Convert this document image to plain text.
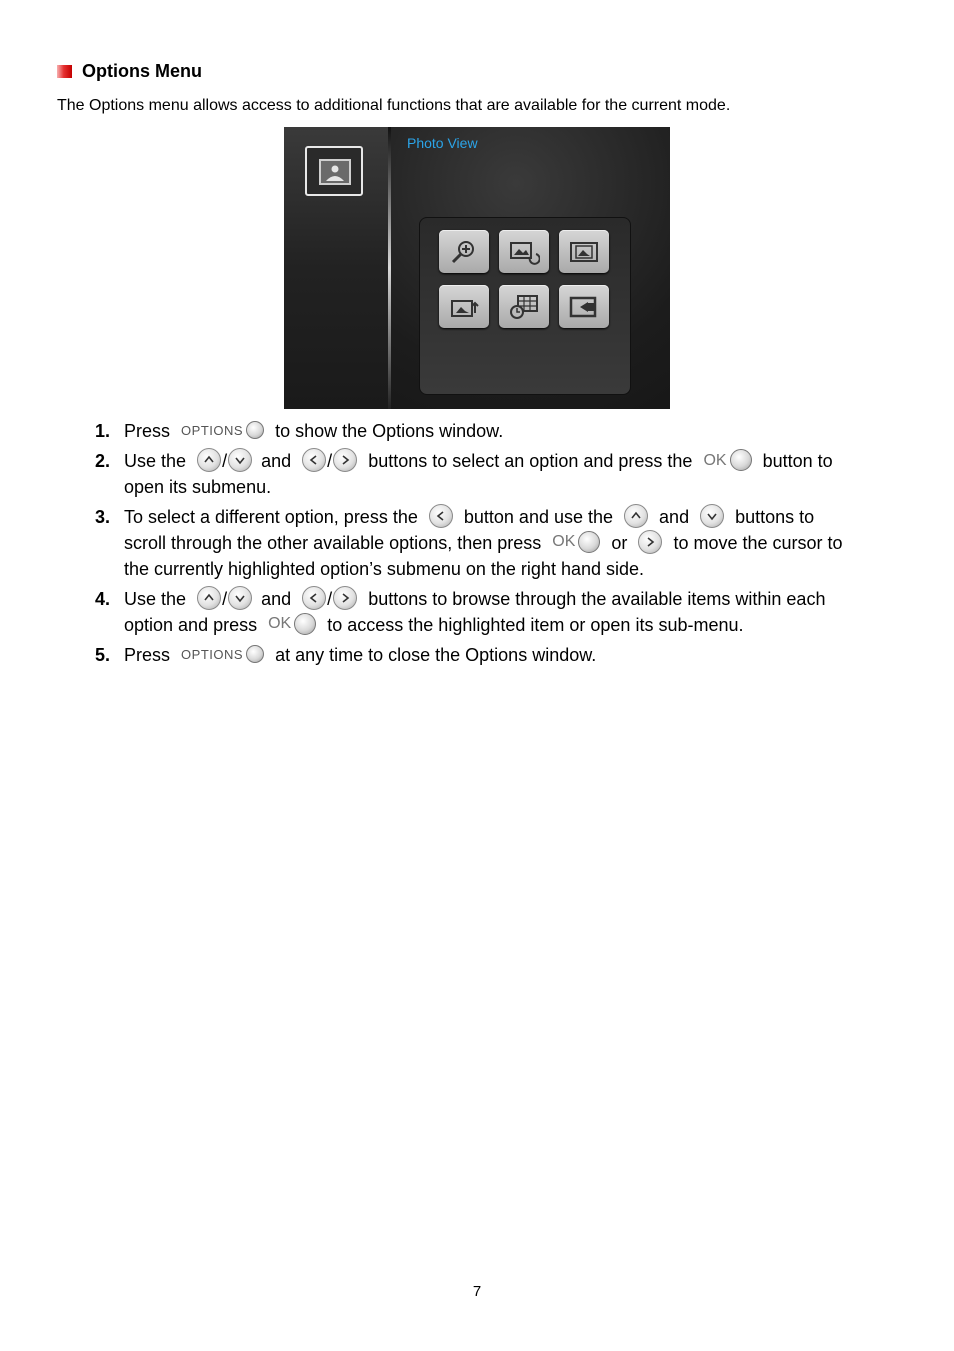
Options Menu
The Options menu allows access to additional functions that are available for the current mode.
Photo View
1. Press OPTIONS to show the Options window.
2. Use the / and / buttons to select an option and press the OK button to
open its submenu.
3. To select a different option, press the	button and use the	and	buttons to
scroll through the other available options, then press OK or	to move the cursor to
the currently highlighted option’s submenu on the right hand side.
4. Use the / and / buttons to browse through the available items within each
option and press OK to access the highlighted item or open its sub-menu.
5. Press OPTIONS at any time to close the Options window.
7
